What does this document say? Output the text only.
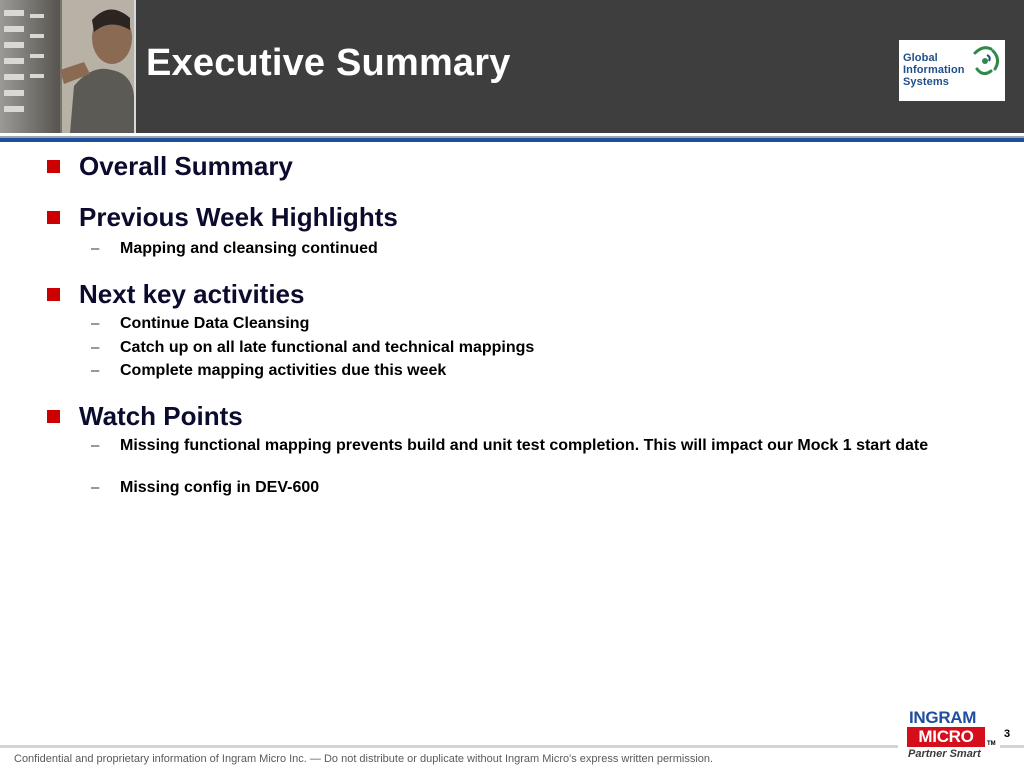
Executive Summary	Global
Information
Systems
Overall Summary
Previous Week Highlights
–	Mapping and cleansing continued
Next key activities
–	Continue Data Cleansing
–	Catch up on all late functional and technical mappings
–	Complete mapping activities due this week
Watch Points
–	Missing functional mapping prevents build and unit test completion. This will impact our Mock 1 start date
–	Missing config in DEV-600
3
INGRAM
MICRO	TM
Partner Smart
Confidential and proprietary information of Ingram Micro Inc. — Do not distribute or duplicate without Ingram Micro's express written permission.
